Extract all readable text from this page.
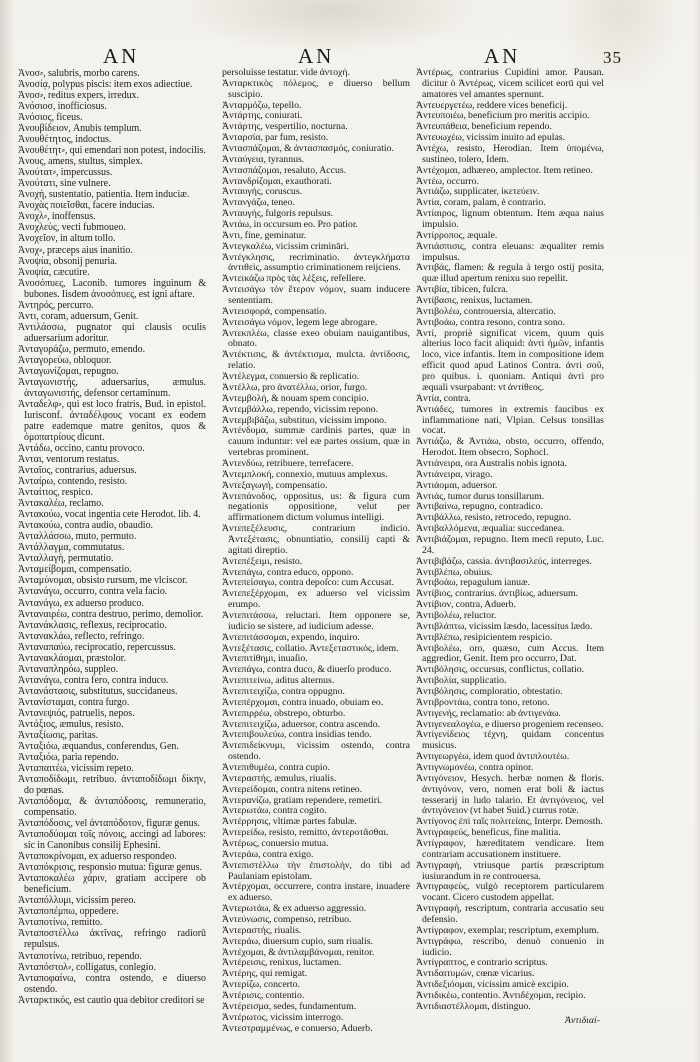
AN	AN	AN	35
Ἀνοσ⸗, salubris, morbo carens.
Ἀνοσίᾳ, polypus piscis: item exos adiectiue.
Ἀνοσ⸗, reditus expers, irredux.
Ἀνόσιοσ, inofficiosus.
Ἀνόσιος, ficeus.
Ἀνουβίδειον, Anubis templum.
Ἀνουθέτητος, indoctus.
Ἀνουθέτητ⸗, qui emendari non potest, indocilis.
Ἀνους, amens, stultus, simplex.
Ἀνούτατ⸗, impercussus.
Ἀνούτατι, sine vulnere.
Ἀνοχή, sustentatio, patientia. Item induciæ.
Ἀνοχὰς ποιεῖσθαι, facere inducias.
Ἀνοχλ⸗, inoffensus.
Ἀνοχλεὺς, vecti fubmoueo.
Ἀνοχεῖον, in altum tollo.
Ἀνοχ⸗, præceps aius inanitio.
Ἀνοψία, obsonij penuria.
Ἀνοψία, cæcutire.
Ἀνοσόπυες, Laconib. tumores inguinum & bubones. Iisdem ἀνοσόπυες, est igni aftare.
Ἀντηρός, percurro.
Ἀντι, coram, aduersum, Genit.
Ἀντιλάσσω, pugnator qui clausis oculis aduersarium adoritur.
Ἀνταγοράζω, permuto, emendo.
Ἀνταγορεύω, obloquor.
Ἀνταγωνίζομαι, repugno.
Ἀνταγωνιστής, aduersarius, æmulus. ἀνταγωνιστής, defensor certaminum.
Ἀνταδελφ⸗, qui est loco fratris, Bud. in epistol. Iurisconf. ἀνταδέλφους vocant ex eodem patre eademque matre genitos, quos & ὁμοπατρίους dicunt.
Ἀντάδω, occino, cantu provoco.
Ἀνται, ventorum restatus.
Ἀνταῖος, contrarius, aduersus.
Ἀνταίρω, contendo, resisto.
Ἀνταίτιος, respico.
Ἀντακαλέω, reclamo.
Ἀντακούω, vocat ingentia cete Herodot. lib. 4.
Ἀντακούω, contra audio, obaudio.
Ἀνταλλάσσω, muto, permuto.
Ἀντάλλαγμα, commutatus.
Ἀνταλλαγή, permutatio.
Ἀνταμείβομαι, compensatio.
Ἀνταμύνομαι, obsisto rursum, me vlciscor.
Ἀντανάγω, occurro, contra vela facio.
Ἀντανάγω, ex aduerso produco.
Ἀνταναιρέω, contra destruo, perimo, demolior.
Ἀντανάκλασις, reflexus, reciprocatio.
Ἀντανακλάω, reflecto, refringo.
Ἀνταναπαύω, reciprocatio, repercussus.
Ἀντανακλάομαι, præstolor.
Ἀνταναπληρόω, suppleo.
Ἀντανάγω, contra fero, contra induco.
Ἀντανάστασις, substitutus, succidaneus.
Ἀντανίσταμαι, contra furgo.
Ἀντανεψιός, patruelis, nepos.
Ἀντάξιος, æmulus, resisto.
Ἀνταξίωσις, paritas.
Ἀνταξιόω, æquandus, conferendus, Gen.
Ἀνταξιόω, paria rependo.
Ἀνταπαιτέω, vicissim repeto.
Ἀνταποδίδωμι, retribuo. ἀνταποδίδωμι δίκην, do pœnas.
Ἀνταπόδομα, & ἀνταπόδοσις, remuneratio, compensatio.
Ἀνταπόδοσις, vel ἀνταπόδοτον, figuræ genus.
Ἀνταποδύομαι τοῖς πόνοις, accingi ad labores: sic in Canonibus consilij Ephesini.
Ἀνταποκρίνομαι, ex aduerso respondeo.
Ἀνταπόκρισις, responsio mutua: figuræ genus.
Ἀνταποκαλέω χάριν, gratiam accipere ob beneficium.
Ἀνταπόλλυμι, vicissim pereo.
Ἀνταποπέμπω, oppedere.
Ἀνταποτίνω, remitto.
Ἀνταποστέλλω ἀκτῖνας, refringo radiorū repulsus.
Ἀνταποτίνω, retribuo, rependo.
Ἀνταπόστολ⸗, colligatus, conlegio.
Ἀνταποφαίνω, contra ostendo, e diuerso ostendo.
Ἀνταρκτικός, est cautio qua debitor creditori se
persoluisse testatur. vide ἀντοχή.
Ἀνταρκτικὸς πόλεμος, e diuerso bellum suscipio.
Ἀνταρμόζω, tepello.
Ἀντάρτης, coniurati.
Ἀντάρτης, vespertilio, nocturna.
Ἀνταρσία, par fum, resisto.
Ἀντασπάζομαι, & ἀντασπασμός, coniuratio.
Ἀνταύγεια, tyrannus.
Ἀντασπάζομαι, resaluto, Accus.
Ἀντανδρίζομαι, exauthorati.
Ἀνταυγής, coruscus.
Ἀντανγάζω, teneo.
Ἀνταυγής, fulgoris repulsus.
Ἀντάω, in occursum eo. Pro patior.
Ἀντι, fine, geminatur.
Ἀντεγκαλέω, vicissim crimināri.
Ἀντέγκλησις, recriminatio. ἀντεγκλήματα ἀντιθεὶς, assumptio criminationem reijciens.
Ἀντεικάζω πρὸς τὰς λέξεις, refellere.
Ἀντεισάγω τὸν ἕτερον νόμον, suam inducere sententiam.
Ἀντεισφορά, compensatio.
Ἀντεισάγω νόμον, legem lege abrogare.
Ἀντεκπλέω, classe exeo obuiam nauigantibus, obnato.
Ἀντέκτισις, & ἀντέκτισμα, mulcta. ἀντίδοσις, relatio.
Ἀντέλεγμα, conuersio & replicatio.
Ἀντέλλω, pro ἀνατέλλω, orior, furgo.
Ἀντεμβολή, & nouam spem concipio.
Ἀντεμβάλλω, rependo, vicissim repono.
Ἀντεμβιβάζω, substituo, vicissim impono.
Ἀντένδυμα, summæ cardinis partes, quæ in cauum induntur: vel eæ partes ossium, quæ in vertebras prominent.
Ἀντενδύω, retribuere, terrefacere.
Ἀντεμπλοκή, connexio, mutuus amplexus.
Ἀντεξαγωγή, compensatio.
Ἀντεπάνοδος, oppositus, us: & figura cum negationis oppositione, velut per affirmationem dictum volumus intelligi.
Ἀντεπεξέλευσις, contrarium indicio. Ἀντεξέτασις, obnuntiatio, consilij capti & agitati direptio.
Ἀντεπέξειμι, resisto.
Ἀντεπάγω, contra educo, oppono.
Ἀντεπείσαγω, contra depoſco: cum Accusat.
Ἀντεπεξέρχομαι, ex aduerso vel vicissim erumpo.
Ἀντεπιτάσσω, reluctari. Item opponere se, iudicio se sistere, ad iudicium adesse.
Ἀντεπιτάσσομαι, expendo, inquiro.
Ἀντεξέτασις, collatio. Ἀντεξεταστικός, idem.
Ἀντεπιτίθημι, inuaſio.
Ἀντεπάγω, contra duco, & diuerſo produco.
Ἀντεπιτείνω, aditus alternus.
Ἀντεπιτειχίζω, contra oppugno.
Ἀντεπέρχομαι, contra inuado, obuiam eo.
Ἀντεπιρρέω, obstrepo, obturbo.
Ἀντεπιτειχίζω, aduersor, contra ascendo.
Ἀντεπιβουλεύω, contra insidias tendo.
Ἀντεπιδείκνυμι, vicissim ostendo, contra ostendo.
Ἀντεπιθυμέω, contra cupio.
Ἀντεραστής, æmulus, riualis.
Ἀντερείδομαι, contra nitens retineo.
Ἀντερανίζω, gratiam rependere, remetiri.
Ἀντερωτάω, contra cogito.
Ἀντέρρησις, vltimæ partes fabulæ.
Ἀντερείδω, resisto, remitto, ἀντεροτᾶσθαι.
Ἀντέρως, conuersio mutua.
Ἀντεράω, contra exigo.
Ἀντεπιστέλλω τὴν ἐπιστολὴν, do tibi ad Paulaniam epistolam.
Ἀντέρχομαι, occurrere, contra instare, inuadere ex aduerso.
Ἀντερωτάω, & ex aduerso aggressio.
Ἀντεύνωσις, compenso, retribuo.
Ἀντεραστής, riualis.
Ἀντεράω, diuersum cupio, sum riualis.
Ἀντέχομαι, & ἀντιλαμβάνομαι, renitor.
Ἀντέρεισις, renixus, luctamen.
Ἀντέρης, qui remigat.
Ἀντερίζω, concerto.
Ἀντέρισις, contentio.
Ἀντέρεισμα, sedes, fundamentum.
Ἀντέρωτος, vicissim interrogo.
Ἀντεστραμμένως, e conuerso, Aduerb.
Ἀντέρως, contrarius Cupidini amor. Pausan. dicitur ὁ Ἀντέρως, vicem scilicet eorū qui vel amatores vel amantes spernunt.
Ἀντευεργετέω, reddere vices beneficij.
Ἀντευποιέω, beneficium pro meritis accipio.
Ἀντευπάθεια, beneficium rependo.
Ἀντευωχέω, vicissim inuito ad epulas.
Ἀντέχω, resisto, Herodian. Item ὑπομένω, sustineo, tolero, Idem.
Ἀντέχομαι, adhæreo, amplector. Item retineo.
Ἀντέω, occurro.
Ἀντιάζω, supplicater, ἱκετεύειν.
Ἀντία, coram, palam, è contrario.
Ἀντίαιρος, lignum obtentum. Item æqua naius impulsio.
Ἀντίρροπος, æquale.
Ἀντιάσπισις, contra eleuans: æqualiter remis impulsus.
Ἀντιβάς, flamen: & regula à tergo ostij posita, quæ illud apertum renixu suo repellit.
Ἀντιβία, tibicen, fulcra.
Ἀντίβασις, renixus, luctamen.
Ἀντιβολέω, controuersia, altercatio.
Ἀντιβοάω, contra resono, contra sono.
Ἀντί, propriè significat vicem, quum quis alterius loco facit aliquid: ἀντὶ ἡμῶν, infantis loco, vice infantis. Item in compositione idem efficit quod apud Latinos Contra. ἀντὶ σοῦ, pro quibus. i. quoniam. Antiqui ἀντὶ pro æquali vsurpabant: vt ἀντίθεος.
Ἀντία, contra.
Ἀντιάδες, tumores in extremis faucibus ex inflammatione nati, Vlpian. Celsus tonsillas vocat.
Ἀντιάζω, & Ἀντιάω, obsto, occurro, offendo, Herodot. Item obsecro, Sophocl.
Ἀντιάνειρα, ora Australis nobis ignota.
Ἀντιάνειρα, virago.
Ἀντιάομαι, aduersor.
Ἀντιάς, tumor durus tonsillarum.
Ἀντιβαίνω, repugno, contradico.
Ἀντιβάλλω, resisto, retrocedo, repugno.
Ἀντιβαλλόμενα, æqualia: succedanea.
Ἀντιβιάζομαι, repugno. Item mecū reputo, Luc. 24.
Ἀντιβιβάζω, cassia. ἀντιβασιλεύς, interreges.
Ἀντιβλέπω, obuius.
Ἀντιβοάω, repagulum ianuæ.
Ἀντίβιος, contrarius. ἀντιβίως, aduersum.
Ἀντίβιον, contra, Aduerb.
Ἀντιβολέω, reluctor.
Ἀντιβλάπτω, vicissim læsdo, lacessitus lædo.
Ἀντιβλέπω, resipicientem respicio.
Ἀντιβολέω, oro, quæso, cum Accus. Item aggredior, Genit. Item pro occurro, Dat.
Ἀντιβόλησις, occursus, conflictus, collatio.
Ἀντιβολία, supplicatio.
Ἀντιβόλησις, comploratio, obtestatio.
Ἀντιβροντάω, contra tono, retono.
Ἀντιγενής, reclamatio: ab ἀντιγενάω.
Ἀντιγενεαλογέω, e diuerso progeniem recenseo.
Ἀντίγενίδειος τέχνη, quidam concentus musicus.
Ἀντιγεωργέω, idem quod ἀντιπλουτέω.
Ἀντιγνωμονέω, contra opinor.
Ἀντιγόνειον, Hesych. herbæ nomen & floris. ἀντιγόνον, vero, nomen erat boli & iactus tesserarij in ludo talario. Et ἀντιγόνειος, vel ἀντιγόνειον (vt habet Suid.) currus rotæ.
Ἀντίγονος ἐπὶ ταῖς πολιτείαις, Interpr. Demosth.
Ἀντιγραφεύς, beneficus, fine malitia.
Ἀντίγραφον, hæreditatem vendicare. Item contrariam accusationem instituere.
Ἀντιγραφή, vtriusque partis præscriptum iusiurandum in re controuersa.
Ἀντιγραφεὺς, vulgò receptorem particularem vocant. Cicero custodem appellat.
Ἀντιγραφή, rescriptum, contraria accusatio seu defensio.
Ἀντίγραφον, exemplar, rescriptum, exemplum.
Ἀντιγράφω, rescribo, denuò conuenio in iudicio.
Ἀντίγραπτος, e contrario scriptus.
Ἀντιδαιτυμών, cœnæ vicarius.
Ἀντιδεξιόομαι, vicissim amicè excipio.
Ἀντιδικέω, contentio. Ἀντιδέχομαι, recipio.
Ἀντιδιαστέλλομαι, distinguo.
Ἀντιδιαί-
